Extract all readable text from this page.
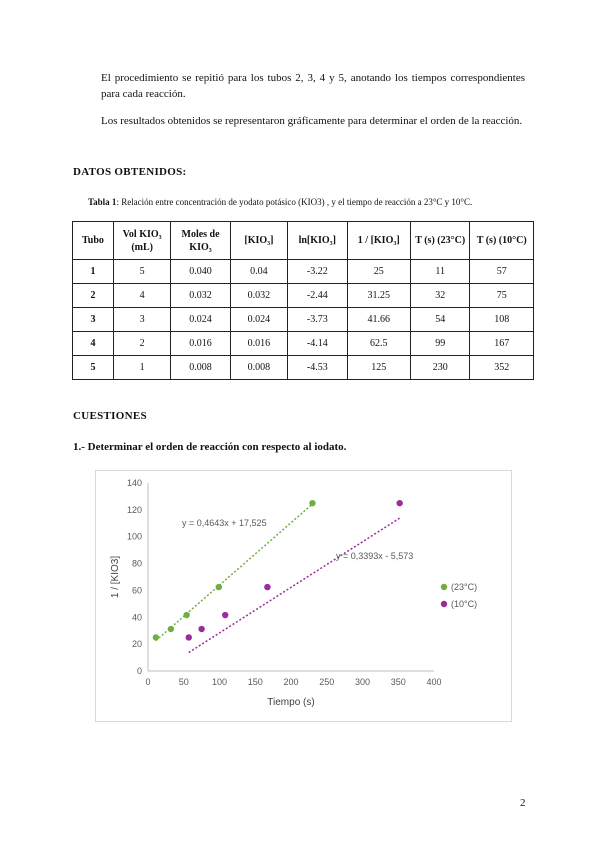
El procedimiento se repitió para los tubos 2, 3, 4 y 5, anotando los tiempos correspondientes para cada reacción.
Los resultados obtenidos se representaron gráficamente para determinar el orden de la reacción.
DATOS OBTENIDOS:
Tabla 1: Relación entre concentración de yodato potásico (KIO3) , y el tiempo de reacción a 23°C y 10°C.
Tubo	Vol KIO₃ (mL)	Moles de KIO₃	[KIO₃]	ln[KIO₃]	1 / [KIO₃]	T (s) (23°C)	T (s) (10°C)
1	5	0.040	0.04	-3.22	25	11	57
2	4	0.032	0.032	-2.44	31.25	32	75
3	3	0.024	0.024	-3.73	41.66	54	108
4	2	0.016	0.016	-4.14	62.5	99	167
5	1	0.008	0.008	-4.53	125	230	352
CUESTIONES
1.- Determinar el orden de reacción con respecto al iodato.
0	50	100 150 200 250 300 350 400
0
20
40
60
80
100
120
140
Tiempo (s)
1 / [KIO3]
y = 0,4643x + 17,525
(23°C)
y = 0,3393x - 5,573
(10°C)
2
